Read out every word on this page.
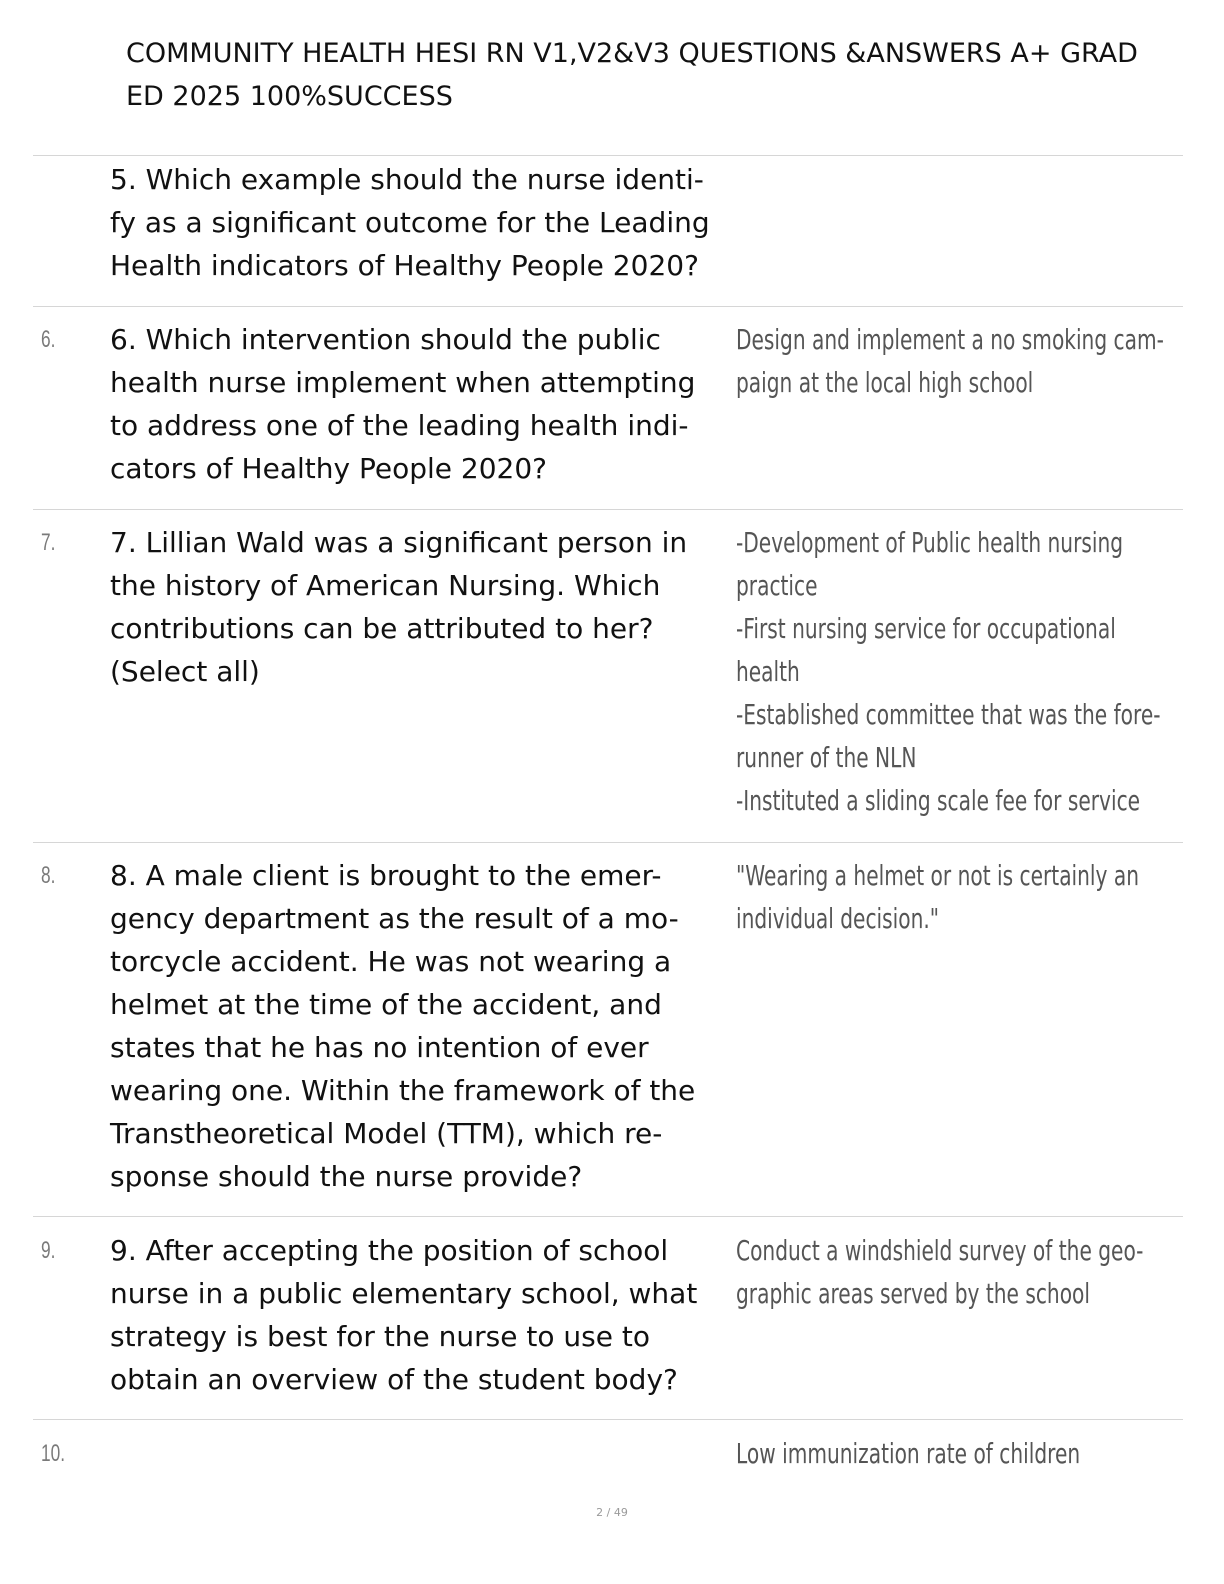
COMMUNITY HEALTH HESI RN V1,V2&V3 QUESTIONS &ANSWERS A+ GRAD
ED 2025 100%SUCCESS
5. Which example should the nurse identi-
fy as a significant outcome for the Leading
Health indicators of Healthy People 2020?
6. 6. Which intervention should the public
health nurse implement when attempting
to address one of the leading health indi-
cators of Healthy People 2020?
Design and implement a no smoking cam-
paign at the local high school
7. 7. Lillian Wald was a significant person in
the history of American Nursing. Which
contributions can be attributed to her?
(Select all)
-Development of Public health nursing
practice
-First nursing service for occupational
health
-Established committee that was the fore-
runner of the NLN
-Instituted a sliding scale fee for service
8. 8. A male client is brought to the emer-
gency department as the result of a mo-
torcycle accident. He was not wearing a
helmet at the time of the accident, and
states that he has no intention of ever
wearing one. Within the framework of the
Transtheoretical Model (TTM), which re-
sponse should the nurse provide?
"Wearing a helmet or not is certainly an
individual decision."
9. 9. After accepting the position of school
nurse in a public elementary school, what
strategy is best for the nurse to use to
obtain an overview of the student body?
Conduct a windshield survey of the geo-
graphic areas served by the school
10.	Low immunization rate of children
2 / 49
